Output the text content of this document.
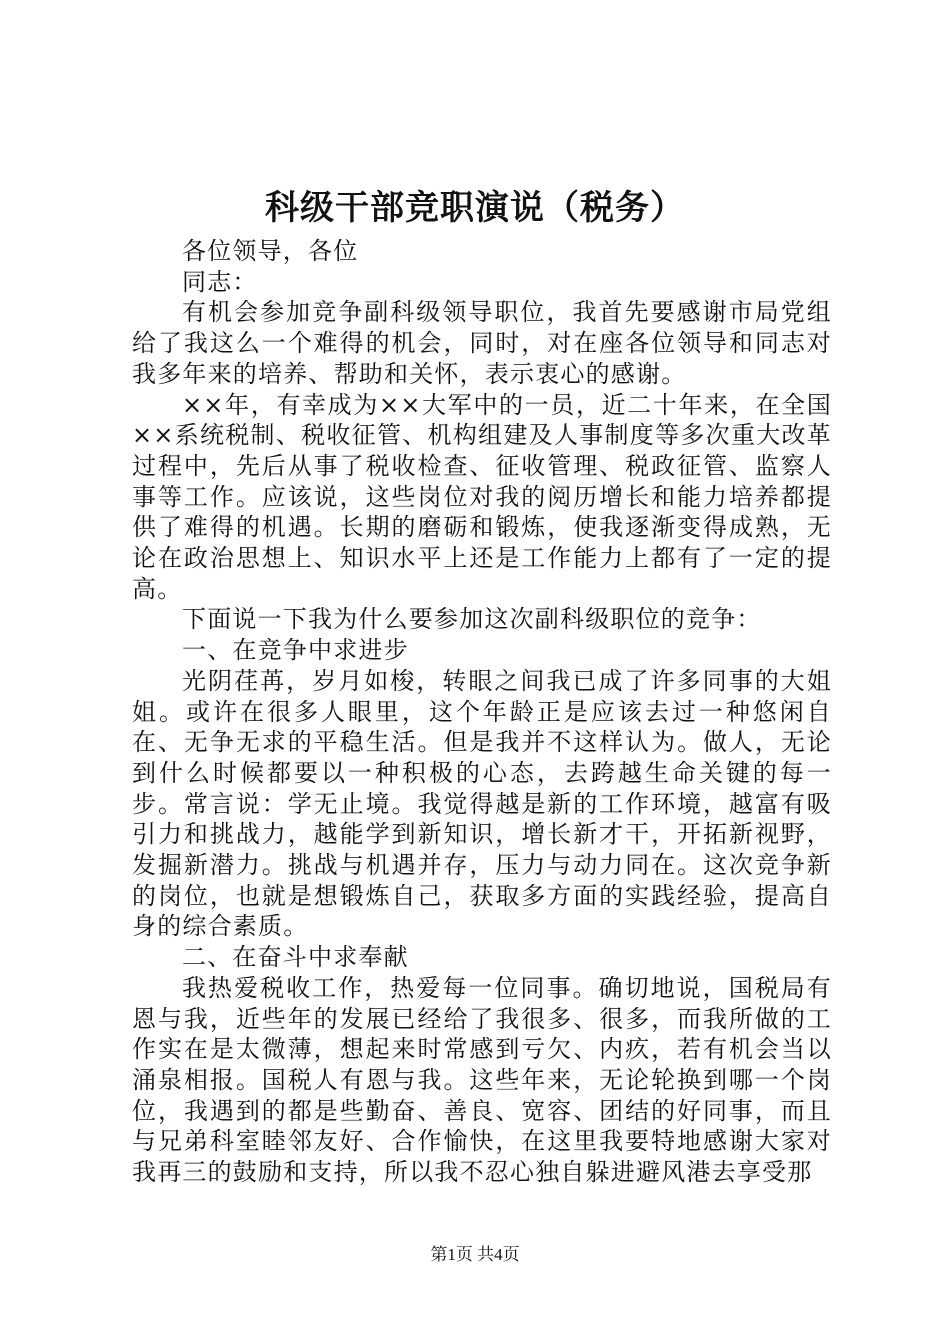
科级干部竞职演说（税务）

各位领导，各位

同志：

有机会参加竞争副科级领导职位，我首先要感谢市局党组给了我这么一个难得的机会，同时，对在座各位领导和同志对我多年来的培养、帮助和关怀，表示衷心的感谢。

××年，有幸成为××大军中的一员，近二十年来，在全国××系统税制、税收征管、机构组建及人事制度等多次重大改革过程中，先后从事了税收检查、征收管理、税政征管、监察人事等工作。应该说，这些岗位对我的阅历增长和能力培养都提供了难得的机遇。长期的磨砺和锻炼，使我逐渐变得成熟，无论在政治思想上、知识水平上还是工作能力上都有了一定的提高。

下面说一下我为什么要参加这次副科级职位的竞争：

一、在竞争中求进步

光阴荏苒，岁月如梭，转眼之间我已成了许多同事的大姐姐。或许在很多人眼里，这个年龄正是应该去过一种悠闲自在、无争无求的平稳生活。但是我并不这样认为。做人，无论到什么时候都要以一种积极的心态，去跨越生命关键的每一步。常言说：学无止境。我觉得越是新的工作环境，越富有吸引力和挑战力，越能学到新知识，增长新才干，开拓新视野，发掘新潜力。挑战与机遇并存，压力与动力同在。这次竞争新的岗位，也就是想锻炼自己，获取多方面的实践经验，提高自身的综合素质。

二、在奋斗中求奉献

我热爱税收工作，热爱每一位同事。确切地说，国税局有恩与我，近些年的发展已经给了我很多、很多，而我所做的工作实在是太微薄，想起来时常感到亏欠、内疚，若有机会当以涌泉相报。国税人有恩与我。这些年来，无论轮换到哪一个岗位，我遇到的都是些勤奋、善良、宽容、团结的好同事，而且与兄弟科室睦邻友好、合作愉快，在这里我要特地感谢大家对我再三的鼓励和支持，所以我不忍心独自躲进避风港去享受那

第1页 共4页
